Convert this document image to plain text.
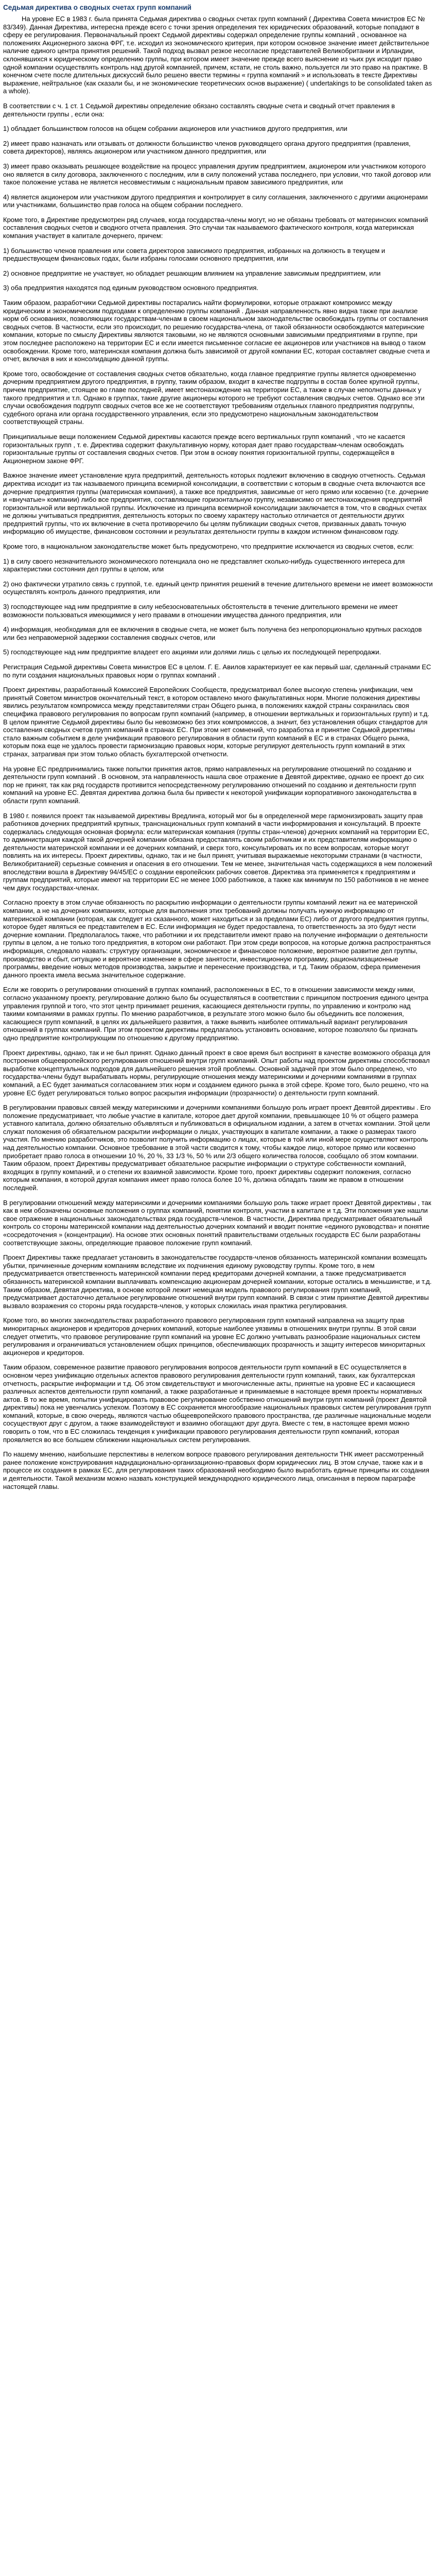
Седьмая директива о сводных счетах групп компаний

На уровне ЕС в 1983 г. была принята Седьмая директива о сводных счетах групп компаний ( Директива Совета министров ЕС № 83/349). Данная Директива, интересна прежде всего с точки зрения определения тех юридических образований, которые попадают в сферу ее регулирования. Первоначальный проект Седьмой директивы содержал определение группы компаний , основанное на положениях Акционерного закона ФРГ, т.е. исходил из экономического критерия, при котором основное значение имеет действительное наличие единого центра принятия решений. Такой подход вызвал резкое несогласие представителей Великобритании и Ирландии, склонявшихся к юридическому определению группы, при котором имеет значение прежде всего выяснение из чьих рук исходит право одной компании осуществлять контроль над другой компанией, причем, кстати, не столь важно, пользуется ли это право на практике. В конечном счете после длительных дискуссий было решено ввести термины « группа компаний » и использовать в тексте Директивы выражение, нейтральное (как сказали бы, и не экономические теоретических основ выражение) ( undertakings to be consolidated taken as a whole).

В соответствии с ч. 1 ст. 1 Седьмой директивы определение обязано составлять сводные счета и сводный отчет правления в деятельности группы , если она:

1) обладает большинством голосов на общем собрании акционеров или участников другого предприятия, или

2) имеет право назначать или отзывать от должности большинство членов руководящего органа другого предприятия (правления, совета директоров), являясь акционером или участником данного предприятия, или

3) имеет право оказывать решающее воздействие на процесс управления другим предприятием, акционером или участником которого оно является в силу договора, заключенного с последним, или в силу положений устава последнего, при условии, что такой договор или такое положение устава не является несовместимым с национальным правом зависимого предприятия, или

4) является акционером или участником другого предприятия и контролирует в силу соглашения, заключенного с другими акционерами или участниками, большинство прав голоса на общем собрании последнего.

Кроме того, в Директиве предусмотрен ряд случаев, когда государства-члены могут, но не обязаны требовать от материнских компаний составления сводных счетов и сводного отчета правления. Это случаи так называемого фактического контроля, когда материнская компания участвует в капитале дочернего, причем:

1) большинство членов правления или совета директоров зависимого предприятия, избранных на должность в текущем и предшествующем финансовых годах, были избраны голосами основного предприятия, или

2) основное предприятие не участвует, но обладает решающим влиянием на управление зависимым предприятием, или

3) оба предприятия находятся под единым руководством основного предприятия.

Таким образом, разработчики Седьмой директивы постарались найти формулировки, которые отражают компромисс между юридическим и экономическим подходами к определению группы компаний . Данная направленность явно видна также при анализе норм об основаниях, позволяющих государствам-членам в своем национальном законодательстве освобождать группы от составления сводных счетов. В частности, если это происходит, по решению государства-члена, от такой обязанности освобождаются материнские компании, которые по смыслу Директивы являются таковыми, но не являются основными зависимыми предприятиями в группе, при этом последнее расположено на территории ЕС и если имеется письменное согласие ее акционеров или участников на вывод о таком освобождении. Кроме того, материнская компания должна быть зависимой от другой компании ЕС, которая составляет сводные счета и отчет, включая в них и консолидацию данной группы.

Кроме того, освобождение от составления сводных счетов обязательно, когда главное предприятие группы является одновременно дочерним предприятием другого предприятия, в группу, таким образом, входит в качестве подгруппы в состав более крупной группы, причем предприятие, стоящее во главе последней, имеет местонахождение на территории ЕС, а также в случае неполноты данных у такого предприятия и т.п. Однако в группах, такие другие акционеры которого не требуют составления сводных счетов. Однако все эти случаи освобождения подгрупп сводных счетов все же не соответствуют требованиям отдельных главного предприятия подгруппы, судебного органа или органа государственного управления, если это предусмотрено национальным законодательством соответствующей страны.

Принципиальные вещи положением Седьмой директивы касаются прежде всего вертикальных групп компаний , что не касается горизонтальных групп , т. е. Директива содержит факультативную норму, которая дает право государствам-членам освобождать горизонтальные группы от составления сводных счетов. При этом в основу понятия горизонтальной группы, содержащейся в Акционерном законе ФРГ.

Важное значение имеет установление круга предприятий, деятельность которых подлежит включению в сводную отчетность. Седьмая директива исходит из так называемого принципа всемирной консолидации, в соответствии с которым в сводные счета включаются все дочерние предприятия группы (материнская компания), а также все предприятия, зависимые от него прямо или косвенно (т.е. дочерние и «внучатые» компании) либо все предприятия, составляющие горизонтальную группу, независимо от местонахождения предприятий горизонтальной или вертикальной группы. Исключение из принципа всемирной консолидации заключается в том, что в сводных счетах не должны учитываться предприятия, деятельность которых по своему характеру настолько отличается от деятельности других предприятий группы, что их включение в счета противоречило бы целям публикации сводных счетов, призванных давать точную информацию об имуществе, финансовом состоянии и результатах деятельности группы в каждом истинном финансовом году.

Кроме того, в национальном законодательстве может быть предусмотрено, что предприятие исключается из сводных счетов, если:

1) в силу своего незначительного экономического потенциала оно не представляет сколько-нибудь существенного интереса для характеристики состояния дел группы в целом, или

2) оно фактически утратило связь с группой, т.е. единый центр принятия решений в течение длительного времени не имеет возможности осуществлять контроль данного предприятия, или

3) господствующее над ним предприятие в силу небезосновательных обстоятельств в течение длительного времени не имеет возможности пользоваться имеющимися у него правами в отношении имущества данного предприятия, или

4) информация, необходимая для ее включения в сводные счета, не может быть получена без непропорционально крупных расходов или без неправомерной задержки составления сводных счетов, или

5) господствующее над ним предприятие владеет его акциями или долями лишь с целью их последующей перепродажи.

Регистрация Седьмой директивы Совета министров ЕС в целом. Г. Е. Авилов характеризует ее как первый шаг, сделанный странами ЕС по пути создания национальных правовых норм о группах компаний .

Проект директивы, разработанный Комиссией Европейских Сообществ, предусматривал более высокую степень унификации, чем принятый Советом министров окончательный текст, в котором оставлено много факультативных норм. Многие положения директивы явились результатом компромисса между представителями стран Общего рынка, в положениях каждой страны сохранилась своя специфика правового регулирования по вопросам групп компаний (например, в отношении вертикальных и горизонтальных групп) и т.д. В целом принятие Седьмой директивы было бы невозможно без этих компромиссов, а значит, без установления общих стандартов для составления сводных счетов групп компаний в странах ЕС. При этом нет сомнений, что разработка и принятие Седьмой директивы стало важным событием в деле унификации правового регулирования в области групп компаний в ЕС и в странах Общего рынка, которым пока еще не удалось провести гармонизацию правовых норм, которые регулируют деятельность групп компаний в этих странах, затрагивая при этом только область бухгалтерской отчетности.

На уровне ЕС предпринимались также попытки принятия актов, прямо направленных на регулирование отношений по созданию и деятельности групп компаний . В основном, эта направленность нашла свое отражение в Девятой директиве, однако ее проект до сих пор не принят, так как ряд государств противится непосредственному регулированию отношений по созданию и деятельности групп компаний на уровне ЕС. Девятая директива должна была бы привести к некоторой унификации корпоративного законодательства в области групп компаний.

В 1980 г. появился проект так называемой директивы Вредлинга, который мог бы в определенной мере гармонизировать защиту прав работников дочерних предприятий крупных, транснациональных групп компаний в части информирования и консультаций. В проекте содержалась следующая основная формула: если материнская компания (группы стран-членов) дочерних компаний на территории ЕС, то администрация каждой такой дочерней компании обязана предоставлять своим работникам и их представителям информацию о деятельности материнской компании и ее дочерних компаний, и сверх того, консультировать их по всем вопросам, которые могут повлиять на их интересы. Проект директивы, однако, так и не был принят, учитывая выражаемые некоторыми странами (в частности, Великобританией) серьезные сомнения и опасения в его отношении. Тем не менее, значительная часть содержащихся в нем положений впоследствии вошла в Директиву 94/45/ЕС о создании европейских рабочих советов. Директива эта применяется к предприятиям и группам предприятий, которые имеют на территории ЕС не менее 1000 работников, а также как минимум по 150 работников в не менее чем двух государствах-членах.

Согласно проекту в этом случае обязанность по раскрытию информации о деятельности группы компаний лежит на ее материнской компании, а не на дочерних компаниях, которые для выполнения этих требований должны получать нужную информацию от материнской компании (которая, как следует из сказанного, может находиться и за пределами ЕС) либо от другого предприятия группы, которое будет являться ее представителем в ЕС. Если информация не будет предоставлена, то ответственность за это будут нести дочерние компании. Предполагалось также, что работники и их представители имеют право на получение информации о деятельности группы в целом, а не только того предприятия, в котором они работают. При этом среди вопросов, на которые должна распространяться информация, следовало назвать: структуру организации, экономическое и финансовое положение, вероятное развитие дел группы, производство и сбыт, ситуацию и вероятное изменение в сфере занятости, инвестиционную программу, рационализационные программы, введение новых методов производства, закрытие и перенесение производства, и т.д. Таким образом, сфера применения данного проекта имела весьма значительное содержание.

Если же говорить о регулировании отношений в группах компаний, расположенных в ЕС, то в отношении зависимости между ними, согласно указанному проекту, регулирование должно было бы осуществляться в соответствии с принципом построения единого центра управления группой и того, что этот центр принимает решения, касающиеся деятельности группы, по управлению и контролю над такими компаниями в рамках группы. По мнению разработчиков, в результате этого можно было бы объединить все положения, касающиеся групп компаний, в целях их дальнейшего развития, а также выявить наиболее оптимальный вариант регулирования отношений в группах компаний. При этом проектом директивы предлагалось установить основание, которое позволяло бы признать одно предприятие контролирующим по отношению к другому предприятию.

Проект директивы, однако, так и не был принят. Однако данный проект в свое время был воспринят в качестве возможного образца для построения общеевропейского регулирования отношений внутри групп компаний. Опыт работы над проектом директивы способствовал выработке концептуальных подходов для дальнейшего решения этой проблемы. Основной задачей при этом было определено, что государства-члены будут вырабатывать нормы, регулирующие отношения между материнскими и дочерними компаниями в группах компаний, а ЕС будет заниматься согласованием этих норм и созданием единого рынка в этой сфере. Кроме того, было решено, что на уровне ЕС будет регулироваться только вопрос раскрытия информации (прозрачности) о деятельности групп компаний.

В регулировании правовых связей между материнскими и дочерними компаниями большую роль играет проект Девятой директивы . Его положение предусматривает, что любые участие в капитале, которое дает другой компании, превышающее 10 % от общего размера уставного капитала, должно обязательно объявляться и публиковаться в официальном издании, а затем в отчетах компании. Этой цели служат положения об обязательном раскрытии информации о лицах, участвующих в капитале компании, а также о размерах такого участия. По мнению разработчиков, это позволит получить информацию о лицах, которые в той или иной мере осуществляют контроль над деятельностью компании. Основное требование в этой части сводится к тому, чтобы каждое лицо, которое прямо или косвенно приобретает право голоса в отношении 10 %, 20 %, 33 1/3 %, 50 % или 2/3 общего количества голосов, сообщало об этом компании. Таким образом, проект Директивы предусматривает обязательное раскрытие информации о структуре собственности компаний, входящих в группу компаний, и о степени их взаимной зависимости. Кроме того, проект директивы содержит положения, согласно которым компания, в которой другая компания имеет право голоса более 10 %, должна обладать таким же правом в отношении последней.

В регулировании отношений между материнскими и дочерними компаниями большую роль также играет проект Девятой директивы , так как в нем обозначены основные положения о группах компаний, понятии контроля, участии в капитале и т.д. Эти положения уже нашли свое отражение в национальных законодательствах ряда государств-членов. В частности, Директива предусматривает обязательный контроль со стороны материнской компании над деятельностью дочерних компаний и вводит понятие «единого руководства» и понятие «сосредоточения » (концентрации). На основе этих основных понятий правительствами отдельных государств ЕС были разработаны соответствующие законы, определяющие правовое положение групп компаний.

Проект Директивы также предлагает установить в законодательстве государств-членов обязанность материнской компании возмещать убытки, причиненные дочерним компаниям вследствие их подчинения единому руководству группы. Кроме того, в нем предусматривается ответственность материнской компании перед кредиторами дочерней компании, а также предусматривается обязанность материнской компании выплачивать компенсацию акционерам дочерней компании, которые остались в меньшинстве, и т.д. Таким образом, Девятая директива, в основе которой лежит немецкая модель правового регулирования групп компаний, предусматривает достаточно детальное регулирование отношений внутри групп компаний. В связи с этим принятие Девятой директивы вызвало возражения со стороны ряда государств-членов, у которых сложилась иная практика регулирования.

Кроме того, во многих законодательствах разработанного правового регулирования групп компаний направлена на защиту прав миноритарных акционеров и кредиторов дочерних компаний, которые наиболее уязвимы в отношениях внутри группы. В этой связи следует отметить, что правовое регулирование групп компаний на уровне ЕС должно учитывать разнообразие национальных систем регулирования и ограничиваться установлением общих принципов, обеспечивающих прозрачность и защиту интересов миноритарных акционеров и кредиторов.

Таким образом, современное развитие правового регулирования вопросов деятельности групп компаний в ЕС осуществляется в основном через унификацию отдельных аспектов правового регулирования деятельности групп компаний, таких, как бухгалтерская отчетность, раскрытие информации и т.д. Об этом свидетельствуют и многочисленные акты, принятые на уровне ЕС и касающиеся различных аспектов деятельности групп компаний, а также разработанные и принимаемые в настоящее время проекты нормативных актов. В то же время, попытки унифицировать правовое регулирование собственно отношений внутри групп компаний (проект Девятой директивы) пока не увенчались успехом. Поэтому в ЕС сохраняется многообразие национальных правовых систем регулирования групп компаний, которые, в свою очередь, являются частью общеевропейского правового пространства, где различные национальные модели сосуществуют друг с другом, а также взаимодействуют и взаимно обогащают друг друга. Вместе с тем, в настоящее время можно говорить о том, что в ЕС сложилась тенденция к унификации правового регулирования деятельности групп компаний, которая проявляется во все большем сближении национальных систем регулирования.

По нашему мнению, наибольшие перспективы в нелегком вопросе правового регулирования деятельности ТНК имеет рассмотренный ранее положение конструирования надндационально-организационно-правовых форм юридических лиц. В этом случае, также как и в процессе их создания в рамках ЕС, для регулирования таких образований необходимо было выработать единые принципы их создания и деятельности. Такой механизм можно назвать конструкцией международного юридического лица, описанная в первом параграфе настоящей главы.
